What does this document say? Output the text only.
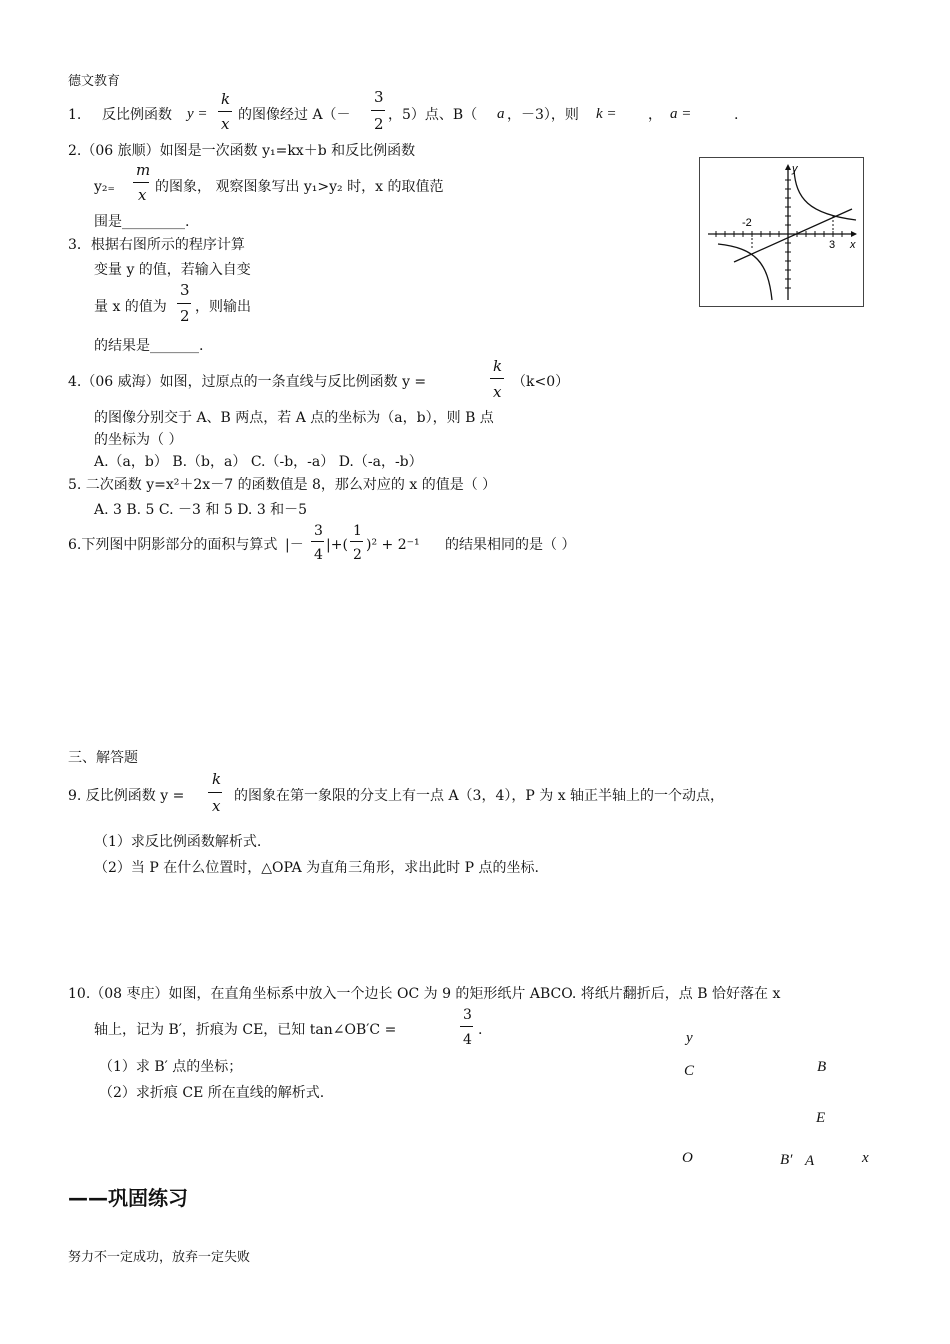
德文教育
1. 反比例函数 y =
k
x 的图像经过 A（－
3
2 ，5）点、B（ a ，－3），则 k = ， a =	.
2.（06 旅顺）如图是一次函数 y₁=kx＋b 和反比例函数
y₂₌
m
x 的图象， 观察图象写出 y₁>y₂ 时，x 的取值范
围是_________.
y
x
-2
3
3．根据右图所示的程序计算
变量 y 的值，若输入自变
量 x 的值为
3
2 ，则输出
的结果是_______.
4.（06 威海）如图，过原点的一条直线与反比例函数 y =
k
x
（k<0）
的图像分别交于 A、B 两点，若 A 点的坐标为（a，b），则 B 点
的坐标为（ ）
A.（a，b） B.（b，a） C.（-b，-a） D.（-a，-b）
5. 二次函数 y=x²＋2x－7 的函数值是 8，那么对应的 x 的值是（ ）
A. 3 B. 5 C. －3 和 5 D. 3 和－5
6.下列图中阴影部分的面积与算式 |－
3
4
|+(
1
2
)² + 2⁻¹ 的结果相同的是（ ）
三、解答题
9. 反比例函数 y =
k
x
的图象在第一象限的分支上有一点 A（3，4），P 为 x 轴正半轴上的一个动点，
（1）求反比例函数解析式.
（2）当 P 在什么位置时，△OPA 为直角三角形，求出此时 P 点的坐标.
10.（08 枣庄）如图，在直角坐标系中放入一个边长 OC 为 9 的矩形纸片 ABCO. 将纸片翻折后，点 B 恰好落在 x
轴上，记为 B′，折痕为 CE，已知 tan∠OB′C =
3
4
.
（1）求 B′ 点的坐标；
（2）求折痕 CE 所在直线的解析式.
y
C	B
E
O	B′ A	x
——巩固练习
努力不一定成功，放弃一定失败
